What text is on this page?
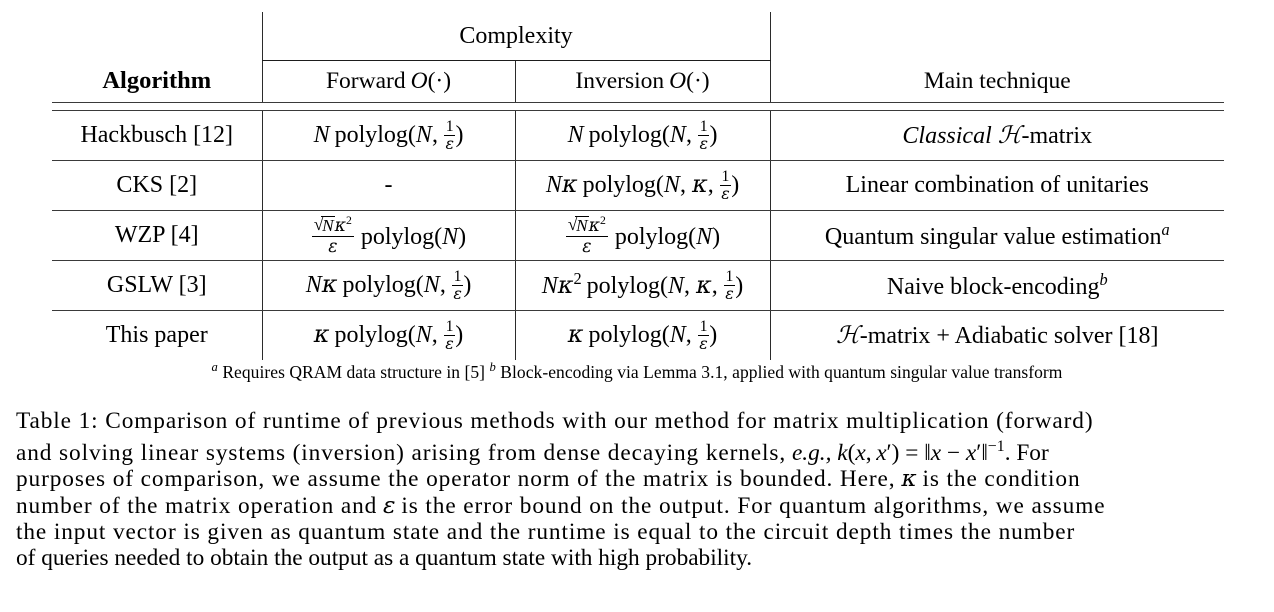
	Complexity		
Algorithm	Forward O(·)	Inversion O(·)	Main technique

Hackbusch [12]	N polylog(N, $\frac{1}{\varepsilon}$ )	N polylog(N, $\frac{1}{\varepsilon}$ )	Classical ℋ-matrix

CKS [2]	-	Nκ polylog(N, κ, $\frac{1}{\varepsilon}$ )	Linear combination of unitaries

WZP [4]	√ $\frac{N\kappa^2}{\varepsilon}$ polylog(N)	√ $\frac{N\kappa^2}{\varepsilon}$ polylog(N)	Quantum singular value estimation$^a$

GSLW [3]	Nκ polylog(N, $\frac{1}{\varepsilon}$ )	$N\kappa^2$ polylog(N, κ, $\frac{1}{\varepsilon}$ )	Naive block-encoding$^b$

This paper	κ polylog(N, $\frac{1}{\varepsilon}$ )	κ polylog(N, $\frac{1}{\varepsilon}$ )	ℋ-matrix + Adiabatic solver [18]
$^a$ Requires QRAM data structure in [5] $^b$ Block-encoding via Lemma 3.1, applied with quantum singular value transform
Table 1: Comparison of runtime of previous methods with our method for matrix multiplication (forward)
and solving linear systems (inversion) arising from dense decaying kernels, e.g., k(x, x′) = ‖x − x′‖$^{-1}$. For
purposes of comparison, we assume the operator norm of the matrix is bounded. Here, κ is the condition
number of the matrix operation and ε is the error bound on the output. For quantum algorithms, we assume
the input vector is given as quantum state and the runtime is equal to the circuit depth times the number
of queries needed to obtain the output as a quantum state with high probability.
